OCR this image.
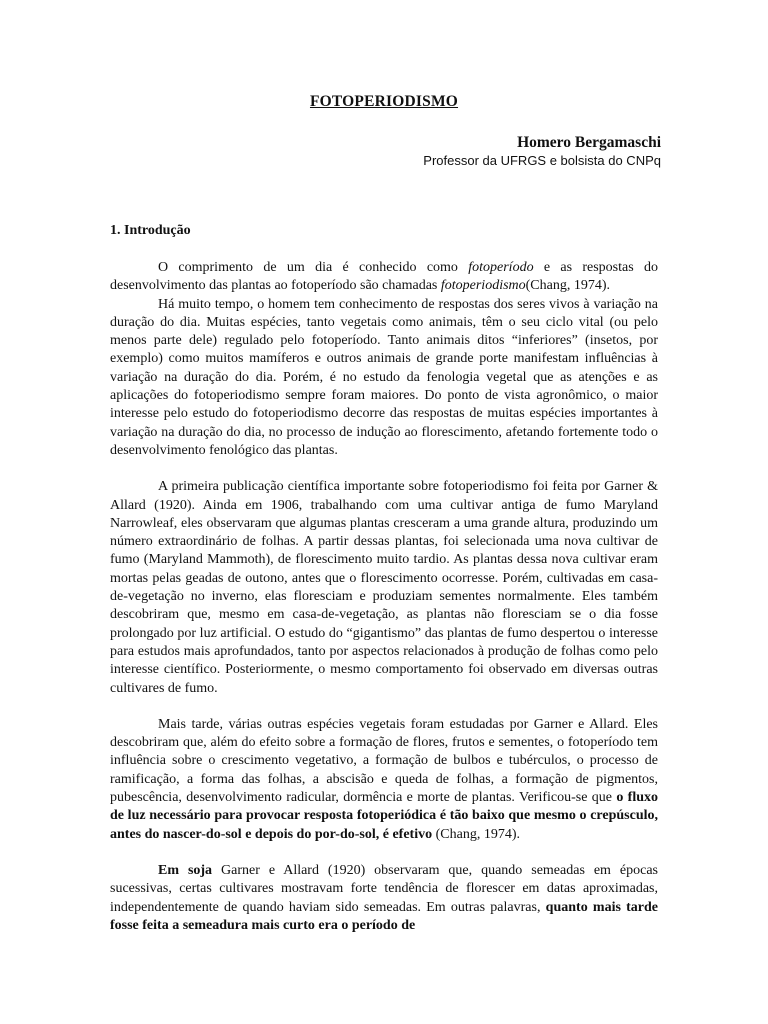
FOTOPERIODISMO
Homero Bergamaschi
Professor da UFRGS e bolsista do CNPq
1. Introdução

O comprimento de um dia é conhecido como fotoperíodo e as respostas do desenvolvimento das plantas ao fotoperíodo são chamadas fotoperiodismo(Chang, 1974).

Há muito tempo, o homem tem conhecimento de respostas dos seres vivos à variação na duração do dia. Muitas espécies, tanto vegetais como animais, têm o seu ciclo vital (ou pelo menos parte dele) regulado pelo fotoperíodo. Tanto animais ditos “inferiores” (insetos, por exemplo) como muitos mamíferos e outros animais de grande porte manifestam influências à variação na duração do dia. Porém, é no estudo da fenologia vegetal que as atenções e as aplicações do fotoperiodismo sempre foram maiores. Do ponto de vista agronômico, o maior interesse pelo estudo do fotoperiodismo decorre das respostas de muitas espécies importantes à variação na duração do dia, no processo de indução ao florescimento, afetando fortemente todo o desenvolvimento fenológico das plantas.

A primeira publicação científica importante sobre fotoperiodismo foi feita por Garner & Allard (1920). Ainda em 1906, trabalhando com uma cultivar antiga de fumo Maryland Narrowleaf, eles observaram que algumas plantas cresceram a uma grande altura, produzindo um número extraordinário de folhas. A partir dessas plantas, foi selecionada uma nova cultivar de fumo (Maryland Mammoth), de florescimento muito tardio. As plantas dessa nova cultivar eram mortas pelas geadas de outono, antes que o florescimento ocorresse. Porém, cultivadas em casa-de-vegetação no inverno, elas floresciam e produziam sementes normalmente. Eles também descobriram que, mesmo em casa-de-vegetação, as plantas não floresciam se o dia fosse prolongado por luz artificial. O estudo do “gigantismo” das plantas de fumo despertou o interesse para estudos mais aprofundados, tanto por aspectos relacionados à produção de folhas como pelo interesse científico. Posteriormente, o mesmo comportamento foi observado em diversas outras cultivares de fumo.

Mais tarde, várias outras espécies vegetais foram estudadas por Garner e Allard. Eles descobriram que, além do efeito sobre a formação de flores, frutos e sementes, o fotoperíodo tem influência sobre o crescimento vegetativo, a formação de bulbos e tubérculos, o processo de ramificação, a forma das folhas, a abscisão e queda de folhas, a formação de pigmentos, pubescência, desenvolvimento radicular, dormência e morte de plantas. Verificou-se que o fluxo de luz necessário para provocar resposta fotoperiódica é tão baixo que mesmo o crepúsculo, antes do nascer-do-sol e depois do por-do-sol, é efetivo (Chang, 1974).

Em soja Garner e Allard (1920) observaram que, quando semeadas em épocas sucessivas, certas cultivares mostravam forte tendência de florescer em datas aproximadas, independentemente de quando haviam sido semeadas. Em outras palavras, quanto mais tarde fosse feita a semeadura mais curto era o período de
